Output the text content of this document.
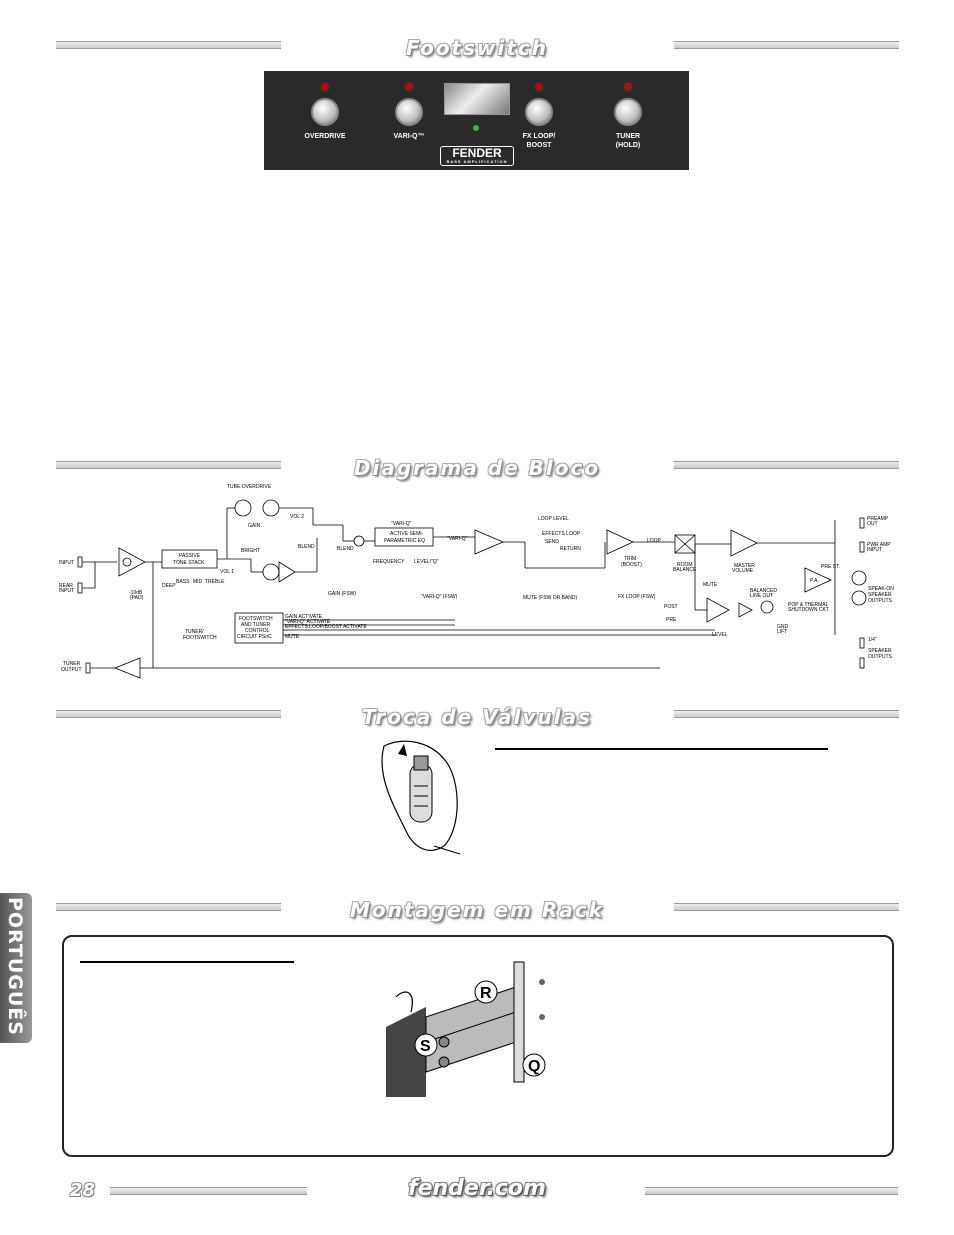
Footswitch
OVERDRIVE	VARI-Q™	FX LOOP/
BOOST
TUNER
(HOLD)
FENDER
BASS AMPLIFICATION
Diagrama de Bloco
TUBE OVERDRIVE
GAIN
VOL 2
BLEND	BLEND
"VARI-Q"
ACTIVE SEMI-
PARAMETRIC EQ
FREQUENCY LEVEL/"Q"
"VARI-Q"
LOOP LEVEL
EFFECTS LOOP
SEND
RETURN
TRIM
(BOOST)
LOOP
ROOM
BALANCE
MASTER
VOLUME
MUTE
BALANCED
LINE OUT
LEVEL
GND
LIFT
POST
PRE
PREAMP
OUT
PWR AMP
INPUT
P.A.
POP & THERMAL
SHUTDOWN CKT
SPEAK-ON
SPEAKER
OUTPUTS
1/4"
SPEAKER
OUTPUTS
INPUT
REAR
INPUT	-10dB
(PAD)
PASSIVE
TONE STACK
DEEP
BASS MID TREBLE
BRIGHT
VOL 1
FOOTSWITCH
AND TUNER
CONTROL
CIRCUIT PSoC
TUNER/
FOOTSWITCH
GAIN ACTIVATE
"VARI-Q" ACTIVATE
EFFECTS LOOP/BOOST ACTIVATE
MUTE
TUNER
OUTPUT
GAIN (FSW)	"VARI-Q" (FSW)	MUTE (FSW OR BAND)	FX LOOP (FSW)
PRE ST.
Troca de Válvulas
Montagem em Rack
R
S
Q
PORTUGUÊS
28	fender.com
